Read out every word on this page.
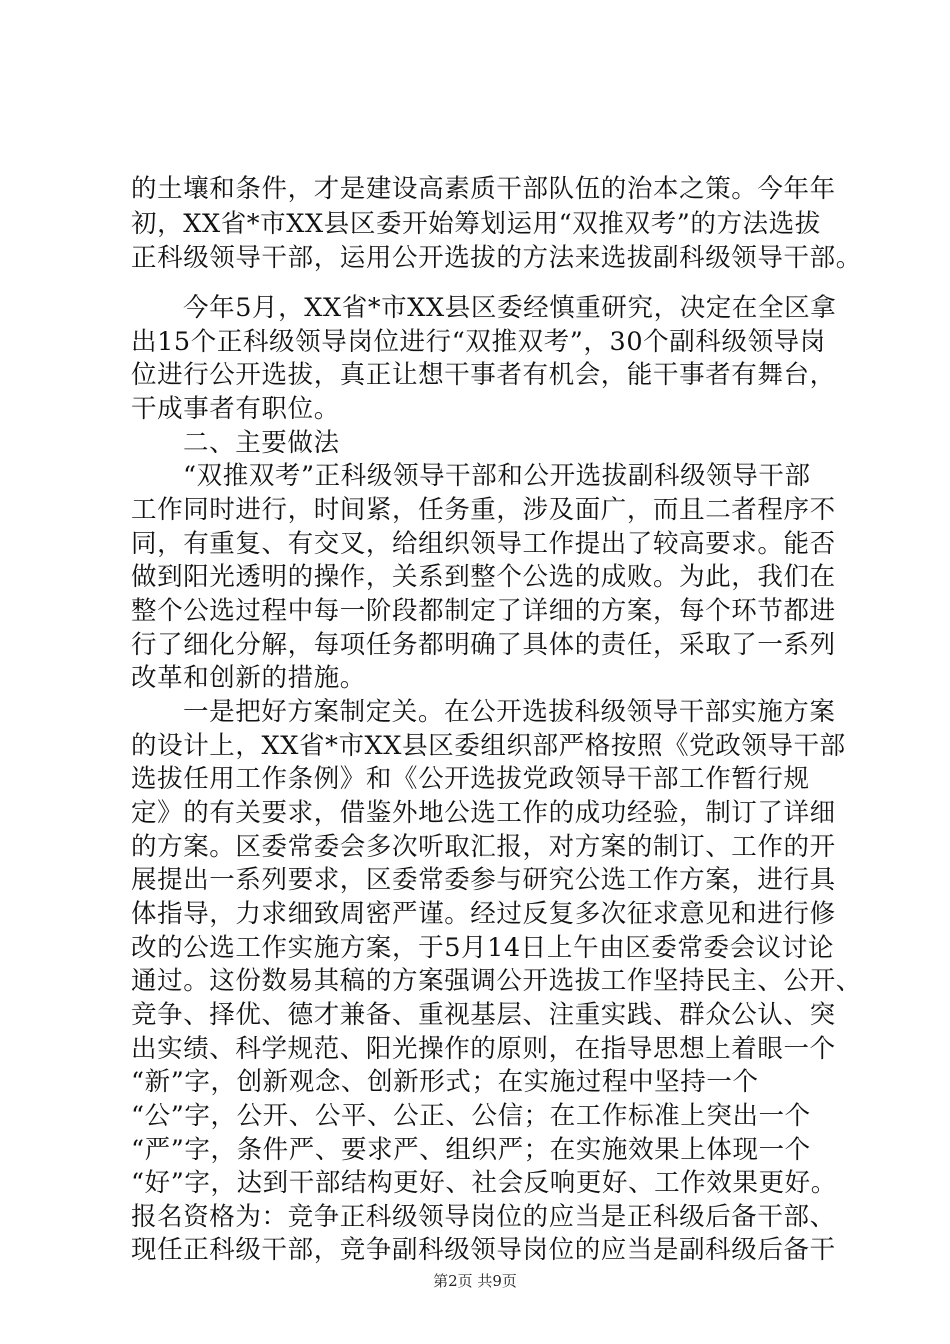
的土壤和条件，才是建设高素质干部队伍的治本之策。今年年
初，XX省*市XX县区委开始筹划运用“双推双考”的方法选拔
正科级领导干部，运用公开选拔的方法来选拔副科级领导干部。
今年5月，XX省*市XX县区委经慎重研究，决定在全区拿
出15个正科级领导岗位进行“双推双考”，30个副科级领导岗
位进行公开选拔，真正让想干事者有机会，能干事者有舞台，
干成事者有职位。
二、主要做法
“双推双考”正科级领导干部和公开选拔副科级领导干部
工作同时进行，时间紧，任务重，涉及面广，而且二者程序不
同，有重复、有交叉，给组织领导工作提出了较高要求。能否
做到阳光透明的操作，关系到整个公选的成败。为此，我们在
整个公选过程中每一阶段都制定了详细的方案，每个环节都进
行了细化分解，每项任务都明确了具体的责任，采取了一系列
改革和创新的措施。
一是把好方案制定关。在公开选拔科级领导干部实施方案
的设计上，XX省*市XX县区委组织部严格按照《党政领导干部
选拔任用工作条例》和《公开选拔党政领导干部工作暂行规
定》的有关要求，借鉴外地公选工作的成功经验，制订了详细
的方案。区委常委会多次听取汇报，对方案的制订、工作的开
展提出一系列要求，区委常委参与研究公选工作方案，进行具
体指导，力求细致周密严谨。经过反复多次征求意见和进行修
改的公选工作实施方案，于5月14日上午由区委常委会议讨论
通过。这份数易其稿的方案强调公开选拔工作坚持民主、公开、
竞争、择优、德才兼备、重视基层、注重实践、群众公认、突
出实绩、科学规范、阳光操作的原则，在指导思想上着眼一个
“新”字，创新观念、创新形式；在实施过程中坚持一个
“公”字，公开、公平、公正、公信；在工作标准上突出一个
“严”字，条件严、要求严、组织严；在实施效果上体现一个
“好”字，达到干部结构更好、社会反响更好、工作效果更好。
报名资格为：竞争正科级领导岗位的应当是正科级后备干部、
现任正科级干部，竞争副科级领导岗位的应当是副科级后备干
第2页 共9页
